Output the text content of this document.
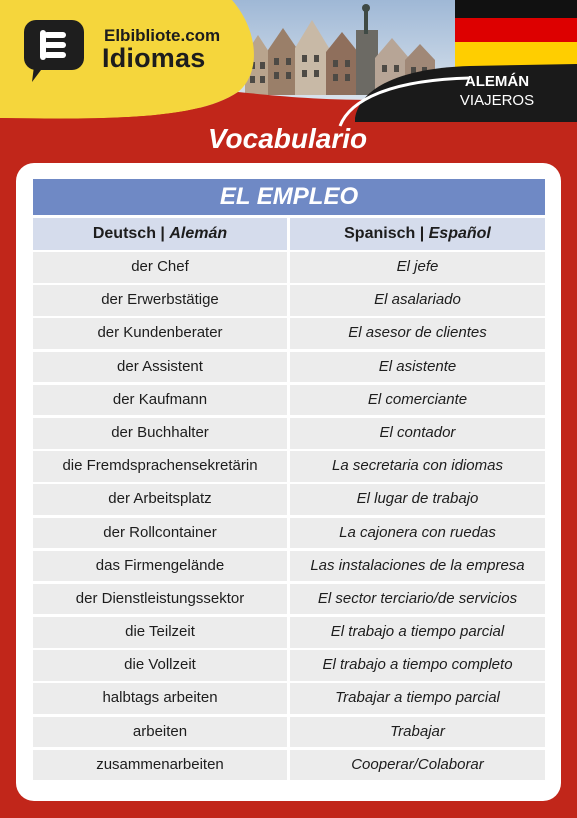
Elbibliote.com
Idiomas
ALEMÁN
VIAJEROS
Vocabulario
EL EMPLEO
Deutsch | Alemán	Spanisch | Español
der Chef	El jefe
der Erwerbstätige	El asalariado
der Kundenberater	El asesor de clientes
der Assistent	El asistente
der Kaufmann	El comerciante
der Buchhalter	El contador
die Fremdsprachensekretärin	La secretaria con idiomas
der Arbeitsplatz	El lugar de trabajo
der Rollcontainer	La cajonera con ruedas
das Firmengelände	Las instalaciones de la empresa
der Dienstleistungssektor	El sector terciario/de servicios
die Teilzeit	El trabajo a tiempo parcial
die Vollzeit	El trabajo a tiempo completo
halbtags arbeiten	Trabajar a tiempo parcial
arbeiten	Trabajar
zusammenarbeiten	Cooperar/Colaborar
